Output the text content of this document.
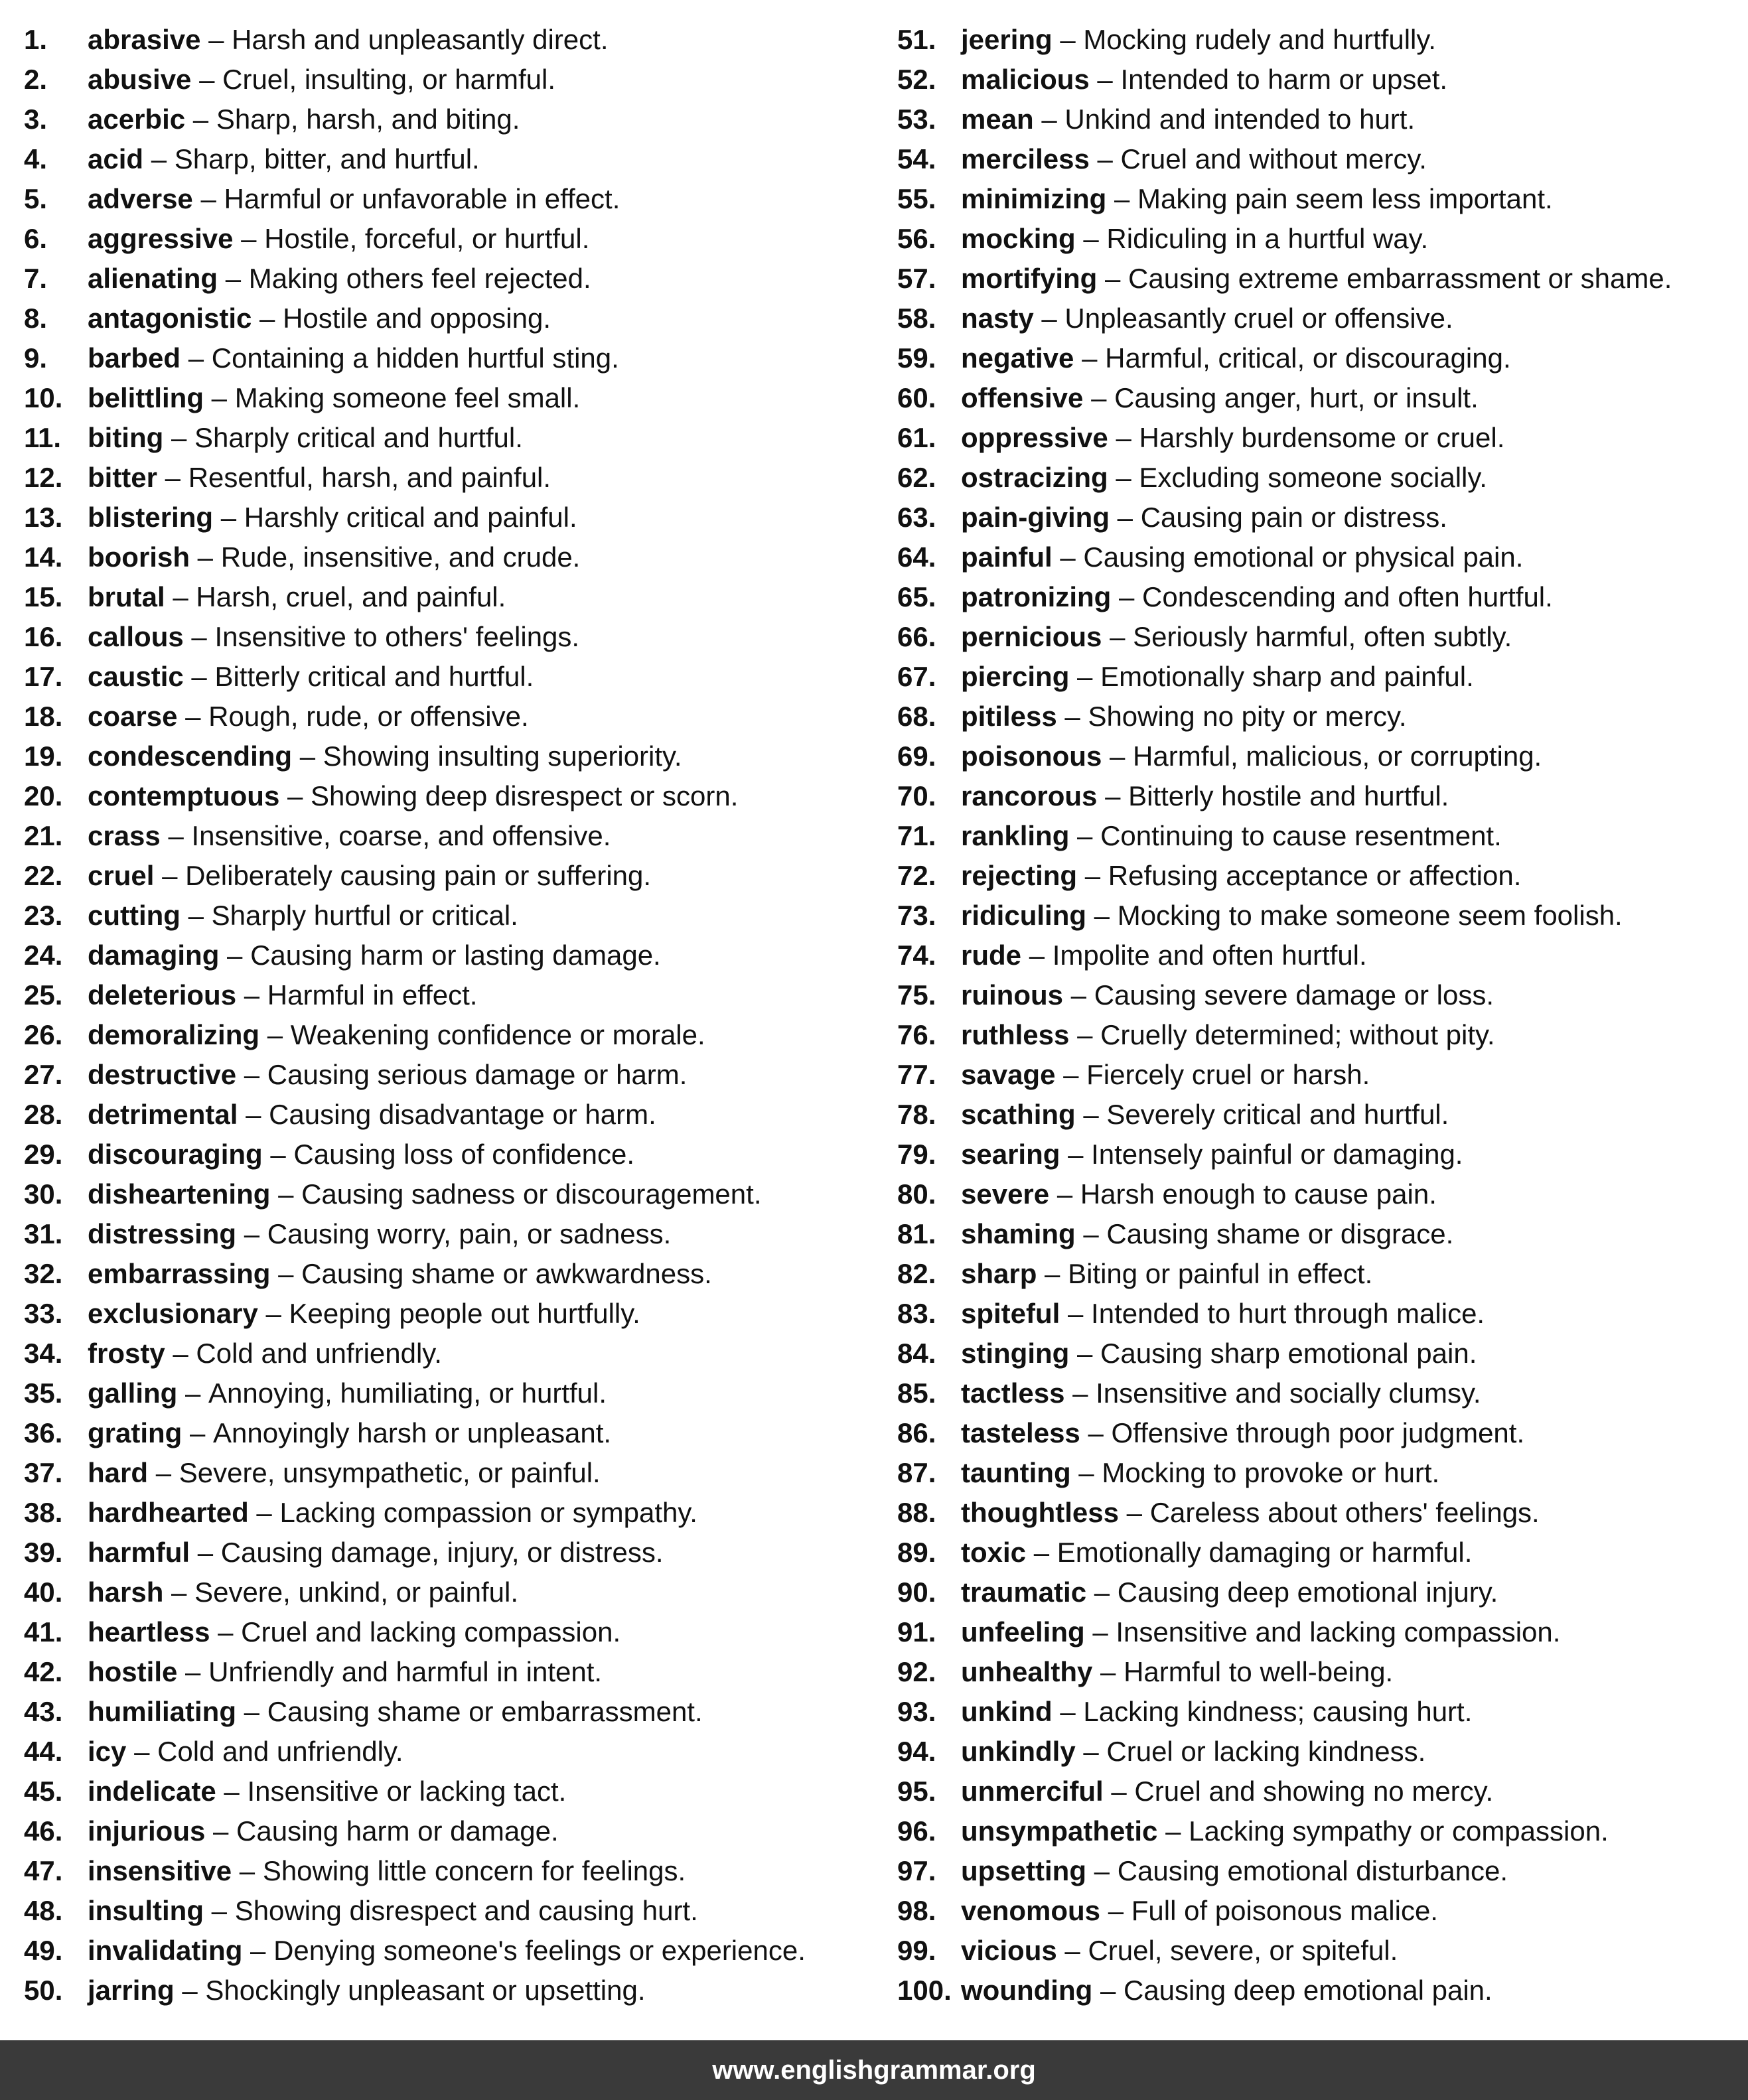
1.	abrasive
–
Harsh and unpleasantly direct.
2.	abusive
–
Cruel, insulting, or harmful.
3.	acerbic
–
Sharp, harsh, and biting.
4.	acid
–
Sharp, bitter, and hurtful.
5.	adverse
–
Harmful or unfavorable in effect.
6.	aggressive
–
Hostile, forceful, or hurtful.
7.	alienating
–
Making others feel rejected.
8.	antagonistic
–
Hostile and opposing.
9.	barbed
–
Containing a hidden hurtful sting.
10. belittling
–
Making someone feel small.
11. biting
–
Sharply critical and hurtful.
12. bitter
–
Resentful, harsh, and painful.
13. blistering
–
Harshly critical and painful.
14. boorish
–
Rude, insensitive, and crude.
15. brutal
–
Harsh, cruel, and painful.
16. callous
–
Insensitive to others' feelings.
17. caustic
–
Bitterly critical and hurtful.
18. coarse
–
Rough, rude, or offensive.
19. condescending
–
Showing insulting superiority.
20. contemptuous
–
Showing deep disrespect or scorn.
21. crass
–
Insensitive, coarse, and offensive.
22. cruel
–
Deliberately causing pain or suffering.
23. cutting
–
Sharply hurtful or critical.
24. damaging
–
Causing harm or lasting damage.
25. deleterious
–
Harmful in effect.
26. demoralizing
–
Weakening confidence or morale.
27. destructive
–
Causing serious damage or harm.
28. detrimental
–
Causing disadvantage or harm.
29. discouraging
–
Causing loss of confidence.
30. disheartening
–
Causing sadness or discouragement.
31. distressing
–
Causing worry, pain, or sadness.
32. embarrassing
–
Causing shame or awkwardness.
33. exclusionary
–
Keeping people out hurtfully.
34. frosty
–
Cold and unfriendly.
35. galling
–
Annoying, humiliating, or hurtful.
36. grating
–
Annoyingly harsh or unpleasant.
37. hard
–
Severe, unsympathetic, or painful.
38. hardhearted
–
Lacking compassion or sympathy.
39. harmful
–
Causing damage, injury, or distress.
40. harsh
–
Severe, unkind, or painful.
41. heartless
–
Cruel and lacking compassion.
42. hostile
–
Unfriendly and harmful in intent.
43. humiliating
–
Causing shame or embarrassment.
44. icy
–
Cold and unfriendly.
45. indelicate
–
Insensitive or lacking tact.
46. injurious
–
Causing harm or damage.
47. insensitive
–
Showing little concern for feelings.
48. insulting
–
Showing disrespect and causing hurt.
49. invalidating
–
Denying someone's feelings or experience.
50. jarring
–
Shockingly unpleasant or upsetting.
51. jeering
–
Mocking rudely and hurtfully.
52. malicious
–
Intended to harm or upset.
53. mean
–
Unkind and intended to hurt.
54. merciless
–
Cruel and without mercy.
55. minimizing
–
Making pain seem less important.
56. mocking
–
Ridiculing in a hurtful way.
57. mortifying
–
Causing extreme embarrassment or shame.
58. nasty
–
Unpleasantly cruel or offensive.
59. negative
–
Harmful, critical, or discouraging.
60. offensive
–
Causing anger, hurt, or insult.
61. oppressive
–
Harshly burdensome or cruel.
62. ostracizing
–
Excluding someone socially.
63. pain-giving
–
Causing pain or distress.
64. painful
–
Causing emotional or physical pain.
65. patronizing
–
Condescending and often hurtful.
66. pernicious
–
Seriously harmful, often subtly.
67. piercing
–
Emotionally sharp and painful.
68. pitiless
–
Showing no pity or mercy.
69. poisonous
–
Harmful, malicious, or corrupting.
70. rancorous
–
Bitterly hostile and hurtful.
71. rankling
–
Continuing to cause resentment.
72. rejecting
–
Refusing acceptance or affection.
73. ridiculing
–
Mocking to make someone seem foolish.
74. rude
–
Impolite and often hurtful.
75. ruinous
–
Causing severe damage or loss.
76. ruthless
–
Cruelly determined; without pity.
77. savage
–
Fiercely cruel or harsh.
78. scathing
–
Severely critical and hurtful.
79. searing
–
Intensely painful or damaging.
80. severe
–
Harsh enough to cause pain.
81. shaming
–
Causing shame or disgrace.
82. sharp
–
Biting or painful in effect.
83. spiteful
–
Intended to hurt through malice.
84. stinging
–
Causing sharp emotional pain.
85. tactless
–
Insensitive and socially clumsy.
86. tasteless
–
Offensive through poor judgment.
87. taunting
–
Mocking to provoke or hurt.
88. thoughtless
–
Careless about others' feelings.
89. toxic
–
Emotionally damaging or harmful.
90. traumatic
–
Causing deep emotional injury.
91. unfeeling
–
Insensitive and lacking compassion.
92. unhealthy
–
Harmful to well-being.
93. unkind
–
Lacking kindness; causing hurt.
94. unkindly
–
Cruel or lacking kindness.
95. unmerciful
–
Cruel and showing no mercy.
96. unsympathetic
–
Lacking sympathy or compassion.
97. upsetting
–
Causing emotional disturbance.
98. venomous
–
Full of poisonous malice.
99. vicious
–
Cruel, severe, or spiteful.
100. wounding
–
Causing deep emotional pain.
www.englishgrammar.org
